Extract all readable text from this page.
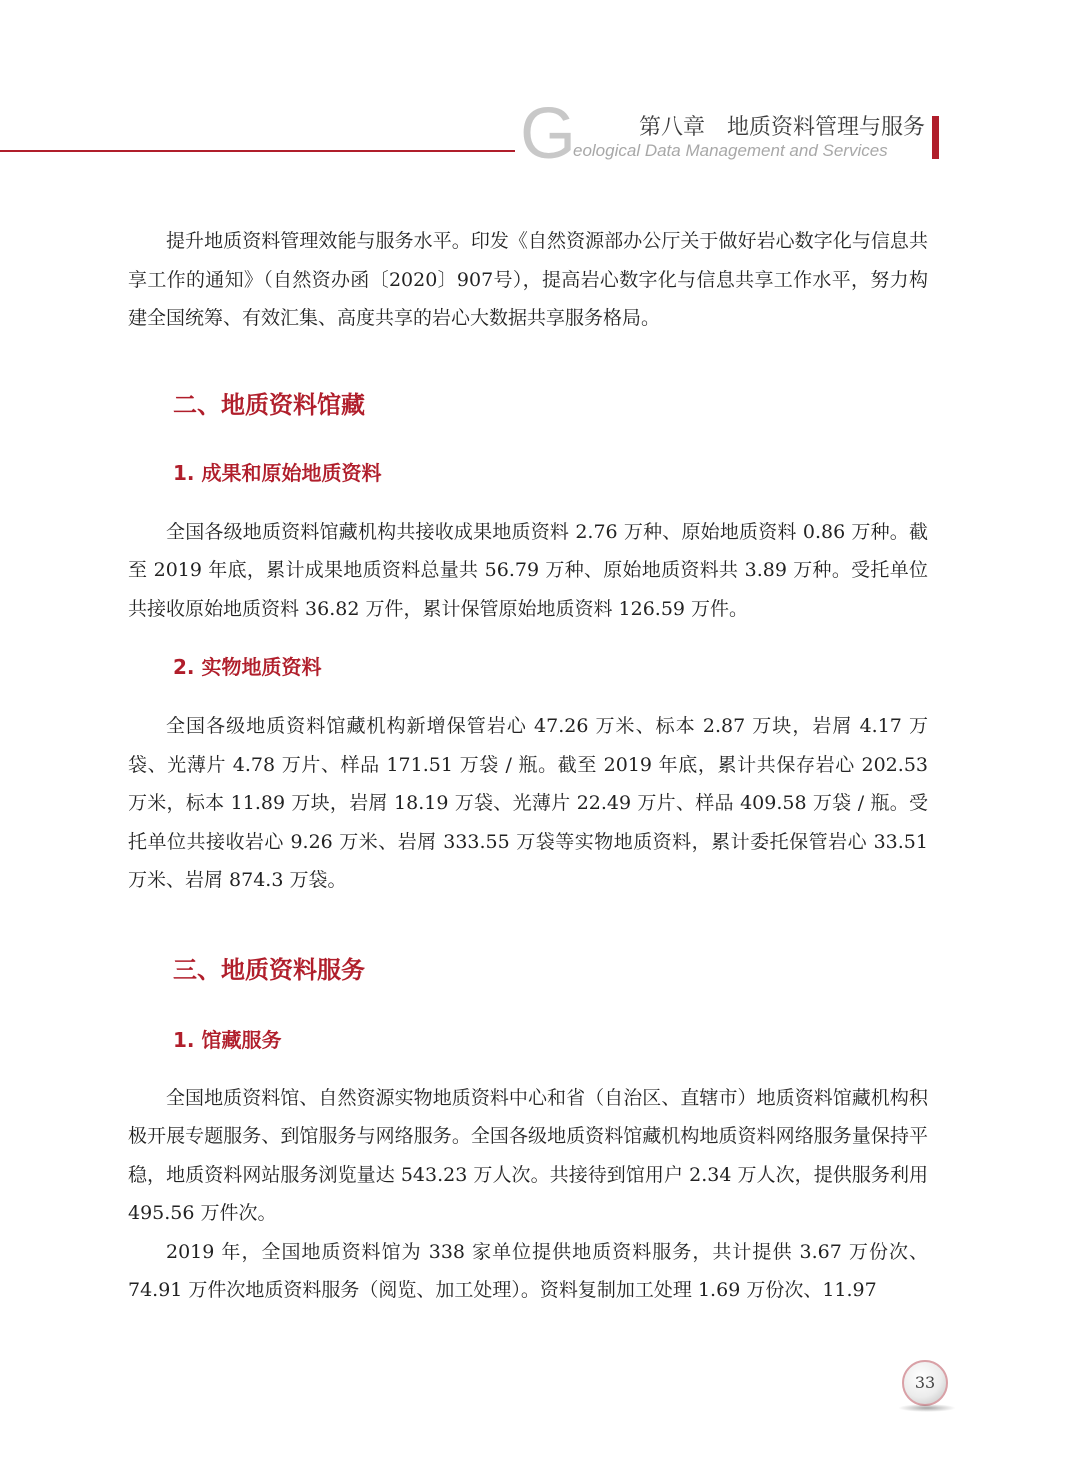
G	第八章　地质资料管理与服务
eological Data Management and Services

提升地质资料管理效能与服务水平。印发《自然资源部办公厅关于做好岩心数字化与信息共享工作的通知》（自然资办函〔2020〕907号），提高岩心数字化与信息共享工作水平，努力构建全国统筹、有效汇集、高度共享的岩心大数据共享服务格局。

二、地质资料馆藏
1. 成果和原始地质资料

全国各级地质资料馆藏机构共接收成果地质资料 2.76 万种、原始地质资料 0.86 万种。截至 2019 年底，累计成果地质资料总量共 56.79 万种、原始地质资料共 3.89 万种。受托单位共接收原始地质资料 36.82 万件，累计保管原始地质资料 126.59 万件。

2. 实物地质资料

全国各级地质资料馆藏机构新增保管岩心 47.26 万米、标本 2.87 万块，岩屑 4.17 万袋、光薄片 4.78 万片、样品 171.51 万袋 / 瓶。截至 2019 年底，累计共保存岩心 202.53 万米，标本 11.89 万块，岩屑 18.19 万袋、光薄片 22.49 万片、样品 409.58 万袋 / 瓶。受托单位共接收岩心 9.26 万米、岩屑 333.55 万袋等实物地质资料，累计委托保管岩心 33.51 万米、岩屑 874.3 万袋。

三、地质资料服务
1. 馆藏服务

全国地质资料馆、自然资源实物地质资料中心和省（自治区、直辖市）地质资料馆藏机构积极开展专题服务、到馆服务与网络服务。全国各级地质资料馆藏机构地质资料网络服务量保持平稳，地质资料网站服务浏览量达 543.23 万人次。共接待到馆用户 2.34 万人次，提供服务利用 495.56 万件次。

2019 年，全国地质资料馆为 338 家单位提供地质资料服务，共计提供 3.67 万份次、74.91 万件次地质资料服务（阅览、加工处理）。资料复制加工处理 1.69 万份次、11.97

33
